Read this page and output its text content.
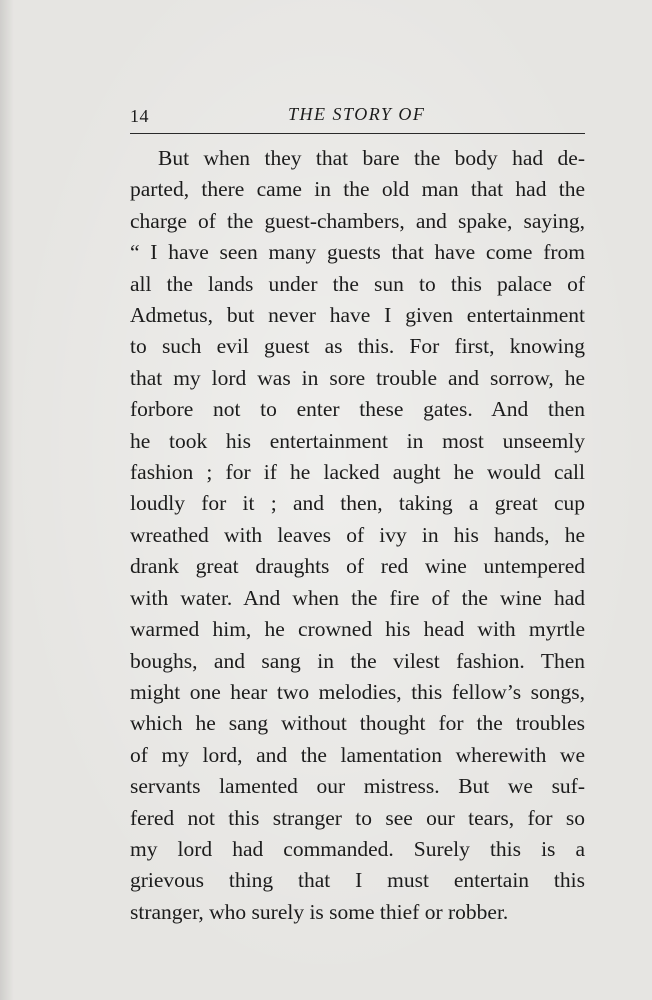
14	THE STORY OF
But when they that bare the body had de-
parted, there came in the old man that had the
charge of the guest-chambers, and spake, saying,
“ I have seen many guests that have come from
all the lands under the sun to this palace of
Admetus, but never have I given entertainment
to such evil guest as this. For first, knowing
that my lord was in sore trouble and sorrow, he
forbore not to enter these gates. And then
he took his entertainment in most unseemly
fashion ; for if he lacked aught he would call
loudly for it ; and then, taking a great cup
wreathed with leaves of ivy in his hands, he
drank great draughts of red wine untempered
with water. And when the fire of the wine had
warmed him, he crowned his head with myrtle
boughs, and sang in the vilest fashion. Then
might one hear two melodies, this fellow’s songs,
which he sang without thought for the troubles
of my lord, and the lamentation wherewith we
servants lamented our mistress. But we suf-
fered not this stranger to see our tears, for so
my lord had commanded. Surely this is a
grievous thing that I must entertain this
stranger, who surely is some thief or robber.
